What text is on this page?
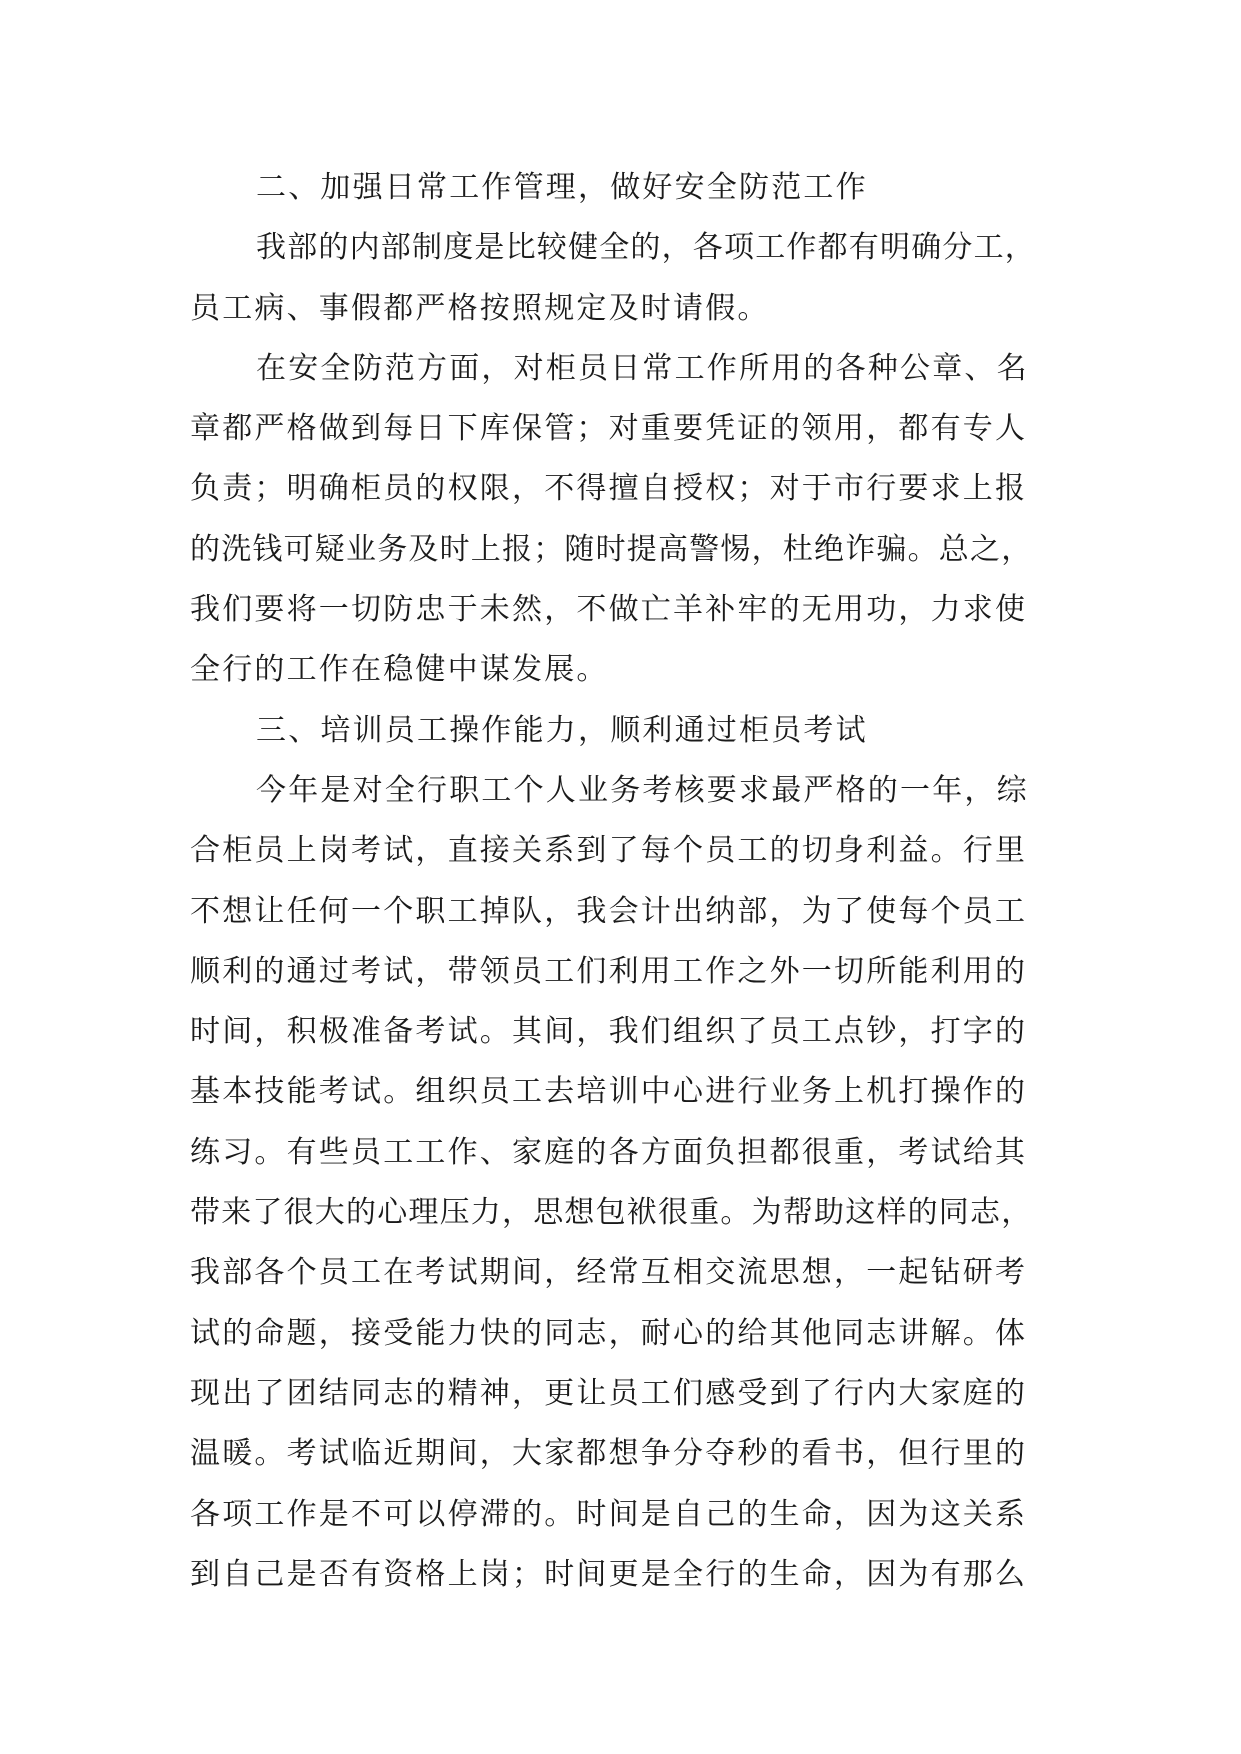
二、加强日常工作管理，做好安全防范工作
我部的内部制度是比较健全的，各项工作都有明确分工，
员工病、事假都严格按照规定及时请假。
在安全防范方面，对柜员日常工作所用的各种公章、名
章都严格做到每日下库保管；对重要凭证的领用，都有专人
负责；明确柜员的权限，不得擅自授权；对于市行要求上报
的洗钱可疑业务及时上报；随时提高警惕，杜绝诈骗。总之，
我们要将一切防忠于未然，不做亡羊补牢的无用功，力求使
全行的工作在稳健中谋发展。
三、培训员工操作能力，顺利通过柜员考试
今年是对全行职工个人业务考核要求最严格的一年，综
合柜员上岗考试，直接关系到了每个员工的切身利益。行里
不想让任何一个职工掉队，我会计出纳部，为了使每个员工
顺利的通过考试，带领员工们利用工作之外一切所能利用的
时间，积极准备考试。其间，我们组织了员工点钞，打字的
基本技能考试。组织员工去培训中心进行业务上机打操作的
练习。有些员工工作、家庭的各方面负担都很重，考试给其
带来了很大的心理压力，思想包袱很重。为帮助这样的同志，
我部各个员工在考试期间，经常互相交流思想，一起钻研考
试的命题，接受能力快的同志，耐心的给其他同志讲解。体
现出了团结同志的精神，更让员工们感受到了行内大家庭的
温暖。考试临近期间，大家都想争分夺秒的看书，但行里的
各项工作是不可以停滞的。时间是自己的生命，因为这关系
到自己是否有资格上岗；时间更是全行的生命，因为有那么
